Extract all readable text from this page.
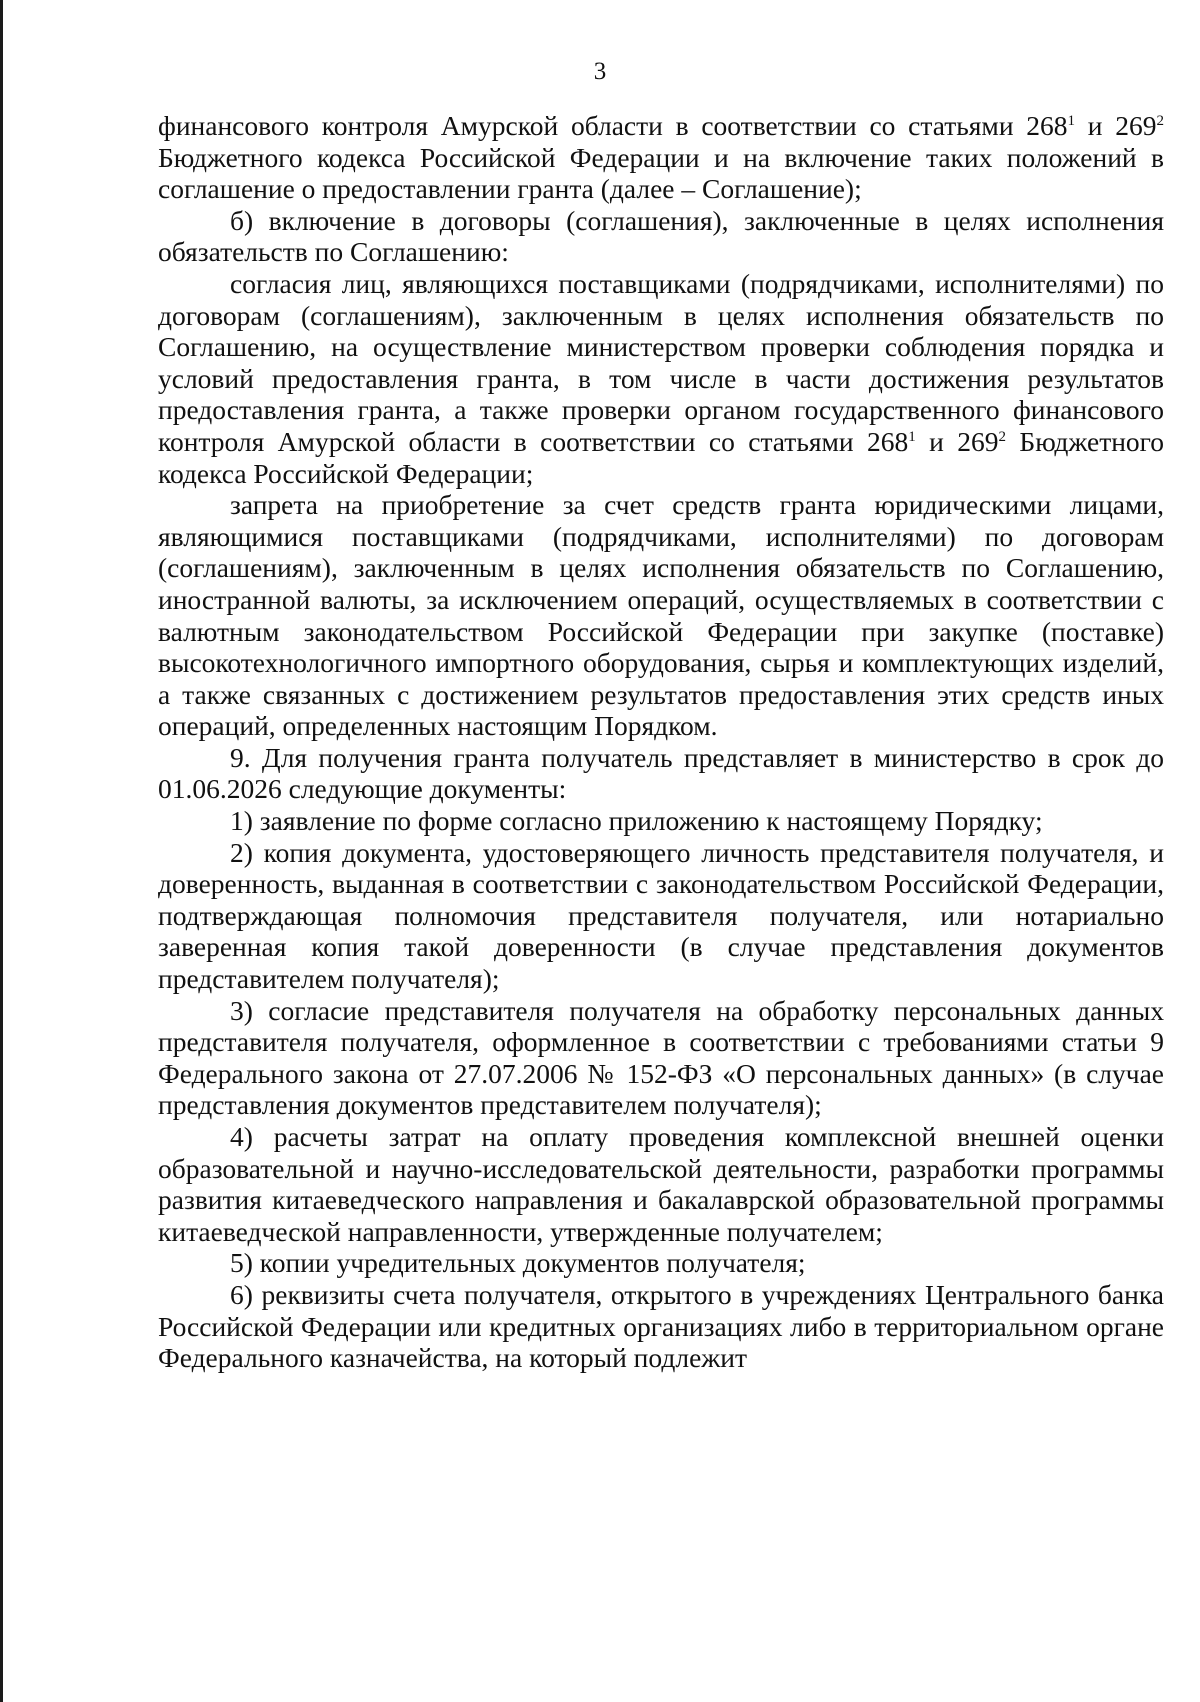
3

финансового контроля Амурской области в соответствии со статьями $268^1$ и $269^2$ Бюджетного кодекса Российской Федерации и на включение таких положений в соглашение о предоставлении гранта (далее – Соглашение);

б) включение в договоры (соглашения), заключенные в целях исполнения обязательств по Соглашению:

согласия лиц, являющихся поставщиками (подрядчиками, исполнителями) по договорам (соглашениям), заключенным в целях исполнения обязательств по Соглашению, на осуществление министерством проверки соблюдения порядка и условий предоставления гранта, в том числе в части достижения результатов предоставления гранта, а также проверки органом государственного финансового контроля Амурской области в соответствии со статьями $268^1$ и $269^2$ Бюджетного кодекса Российской Федерации;

запрета на приобретение за счет средств гранта юридическими лицами, являющимися поставщиками (подрядчиками, исполнителями) по договорам (соглашениям), заключенным в целях исполнения обязательств по Соглашению, иностранной валюты, за исключением операций, осуществляемых в соответствии с валютным законодательством Российской Федерации при закупке (поставке) высокотехнологичного импортного оборудования, сырья и комплектующих изделий, а также связанных с достижением результатов предоставления этих средств иных операций, определенных настоящим Порядком.

9. Для получения гранта получатель представляет в министерство в срок до 01.06.2026 следующие документы:

1) заявление по форме согласно приложению к настоящему Порядку;

2) копия документа, удостоверяющего личность представителя получателя, и доверенность, выданная в соответствии с законодательством Российской Федерации, подтверждающая полномочия представителя получателя, или нотариально заверенная копия такой доверенности (в случае представления документов представителем получателя);

3) согласие представителя получателя на обработку персональных данных представителя получателя, оформленное в соответствии с требованиями статьи 9 Федерального закона от 27.07.2006 № 152-ФЗ «О персональных данных» (в случае представления документов представителем получателя);

4) расчеты затрат на оплату проведения комплексной внешней оценки образовательной и научно-исследовательской деятельности, разработки программы развития китаеведческого направления и бакалаврской образовательной программы китаеведческой направленности, утвержденные получателем;

5) копии учредительных документов получателя;

6) реквизиты счета получателя, открытого в учреждениях Центрального банка Российской Федерации или кредитных организациях либо в территориальном органе Федерального казначейства, на который подлежит
